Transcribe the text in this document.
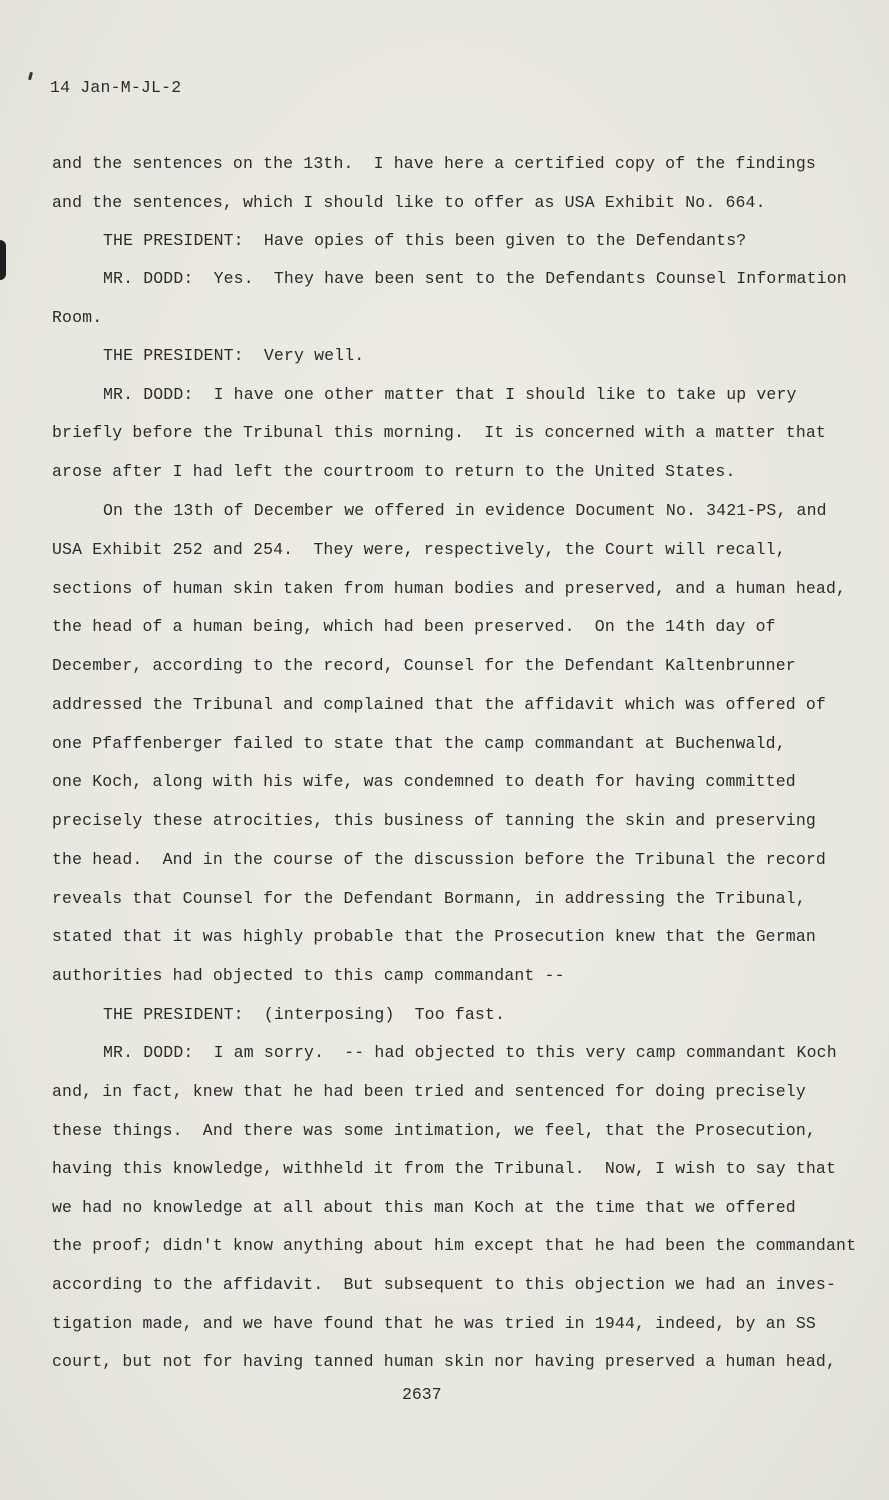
14 Jan-M-JL-2
and the sentences on the 13th.  I have here a certified copy of the findings
and the sentences, which I should like to offer as USA Exhibit No. 664.
THE PRESIDENT:  Have opies of this been given to the Defendants?
MR. DODD:  Yes.  They have been sent to the Defendants Counsel Information
Room.
THE PRESIDENT:  Very well.
MR. DODD:  I have one other matter that I should like to take up very
briefly before the Tribunal this morning.  It is concerned with a matter that
arose after I had left the courtroom to return to the United States.
On the 13th of December we offered in evidence Document No. 3421-PS, and
USA Exhibit 252 and 254.  They were, respectively, the Court will recall,
sections of human skin taken from human bodies and preserved, and a human head,
the head of a human being, which had been preserved.  On the 14th day of
December, according to the record, Counsel for the Defendant Kaltenbrunner
addressed the Tribunal and complained that the affidavit which was offered of
one Pfaffenberger failed to state that the camp commandant at Buchenwald,
one Koch, along with his wife, was condemned to death for having committed
precisely these atrocities, this business of tanning the skin and preserving
the head.  And in the course of the discussion before the Tribunal the record
reveals that Counsel for the Defendant Bormann, in addressing the Tribunal,
stated that it was highly probable that the Prosecution knew that the German
authorities had objected to this camp commandant --
THE PRESIDENT:  (interposing)  Too fast.
MR. DODD:  I am sorry.  -- had objected to this very camp commandant Koch
and, in fact, knew that he had been tried and sentenced for doing precisely
these things.  And there was some intimation, we feel, that the Prosecution,
having this knowledge, withheld it from the Tribunal.  Now, I wish to say that
we had no knowledge at all about this man Koch at the time that we offered
the proof; didn't know anything about him except that he had been the commandant
according to the affidavit.  But subsequent to this objection we had an inves-
tigation made, and we have found that he was tried in 1944, indeed, by an SS
court, but not for having tanned human skin nor having preserved a human head,
2637
